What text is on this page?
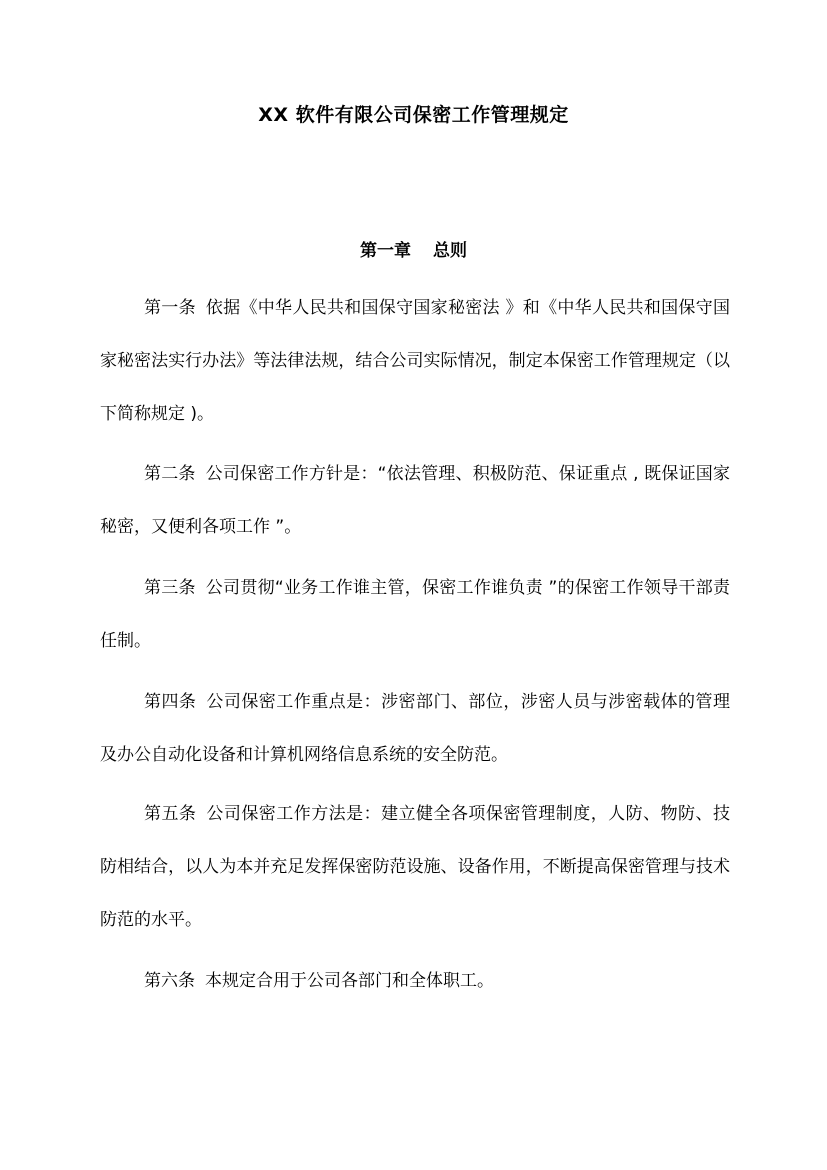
XX 软件有限公司保密工作管理规定
第一章 总则
第一条 依据《中华人民共和国保守国家秘密法 》和《中华人民共和国保守国家秘密法实行办法》等法律法规，结合公司实际情况，制定本保密工作管理规定（以下简称规定 )。
第二条 公司保密工作方针是：“依法管理、积极防范、保证重点 , 既保证国家秘密，又便利各项工作 ”。
第三条 公司贯彻“业务工作谁主管，保密工作谁负责 ”的保密工作领导干部责任制。
第四条 公司保密工作重点是：涉密部门、部位，涉密人员与涉密载体的管理及办公自动化设备和计算机网络信息系统的安全防范。
第五条 公司保密工作方法是：建立健全各项保密管理制度，人防、物防、技防相结合，以人为本并充足发挥保密防范设施、设备作用，不断提高保密管理与技术防范的水平。
第六条 本规定合用于公司各部门和全体职工。
